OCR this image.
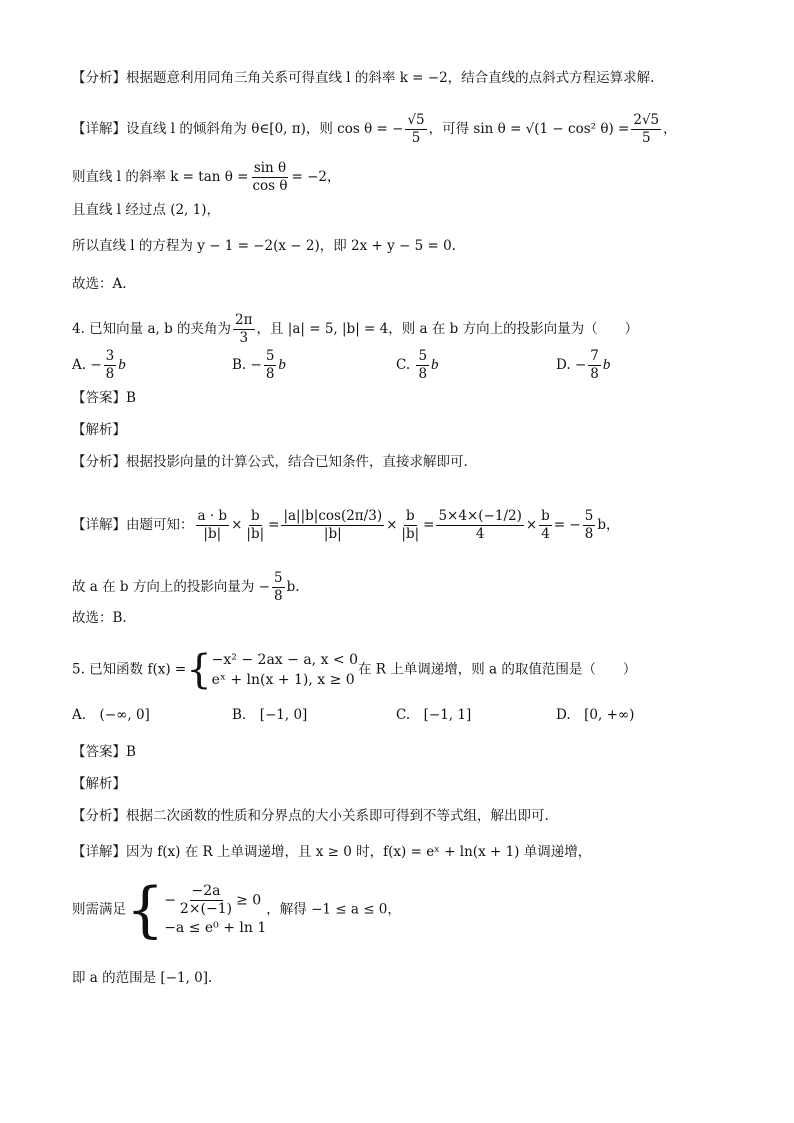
【分析】根据题意利用同角三角关系可得直线 l 的斜率 k = −2，结合直线的点斜式方程运算求解.
【详解】设直线 l 的倾斜角为 θ∈[0, π)，则 cos θ = − $\frac{√5}{5}$ ，可得 sin θ = √(1 − cos² $\theta) = \frac{2√5}{5}$ ，
则直线 l 的斜率 $k = \tan \theta = \frac{\text{sin θ}}{\text{cos θ}} = -2$，
且直线 l 经过点 (2, 1)，
所以直线 l 的方程为 y − 1 = −2(x − 2)，即 2x + y − 5 = 0.
故选：A.
4. 已知向量 a, b 的夹角为 $\frac{2\pi}{3}$ ，且 |a| = 5, |b| = 4，则 a 在 b 方向上的投影向量为（　　）
A. − $\frac{3}{8}$ b	B. − $\frac{5}{8}$ b	C. $\frac{5}{8}$ b	D. − $\frac{7}{8}$ b
【答案】B
【解析】
【分析】根据投影向量的计算公式，结合已知条件，直接求解即可.
【详解】由题可知： $\frac{a \cdot b}{|b|} \times \frac{b}{|b|} = \frac{|a||b|\cos(2\pi/3)}{|b|} \times \frac{b}{|b|} = \frac{5\times 4\times(-1/2)}{4} \times \frac{b}{4}$ = − $\frac{5}{8}$ b，
故 a 在 b 方向上的投影向量为 − $\frac{5}{8} b$.
故选：B.
5. 已知函数 f(x) ={ −x² − 2ax − a, x < 0
eˣ + ln(x + 1), x ≥ 0
在 R 上单调递增，则 a 的取值范围是（　　）
A.　 (−∞, 0]	B.　 [−1, 0]	C.　 [−1, 1]	D.　 [0, +∞)
【答案】B
【解析】
【分析】根据二次函数的性质和分界点的大小关系即可得到不等式组，解出即可.
【详解】因为 f(x) 在 R 上单调递增，且 x ≥ 0 时，f(x) = eˣ + ln(x + 1) 单调递增，
则需满足{ − $\frac{-2a}{2\times(-1)} \ge 0$
−a ≤ e⁰ + ln 1
，解得 −1 ≤ a ≤ 0，
即 a 的范围是 [−1, 0].
